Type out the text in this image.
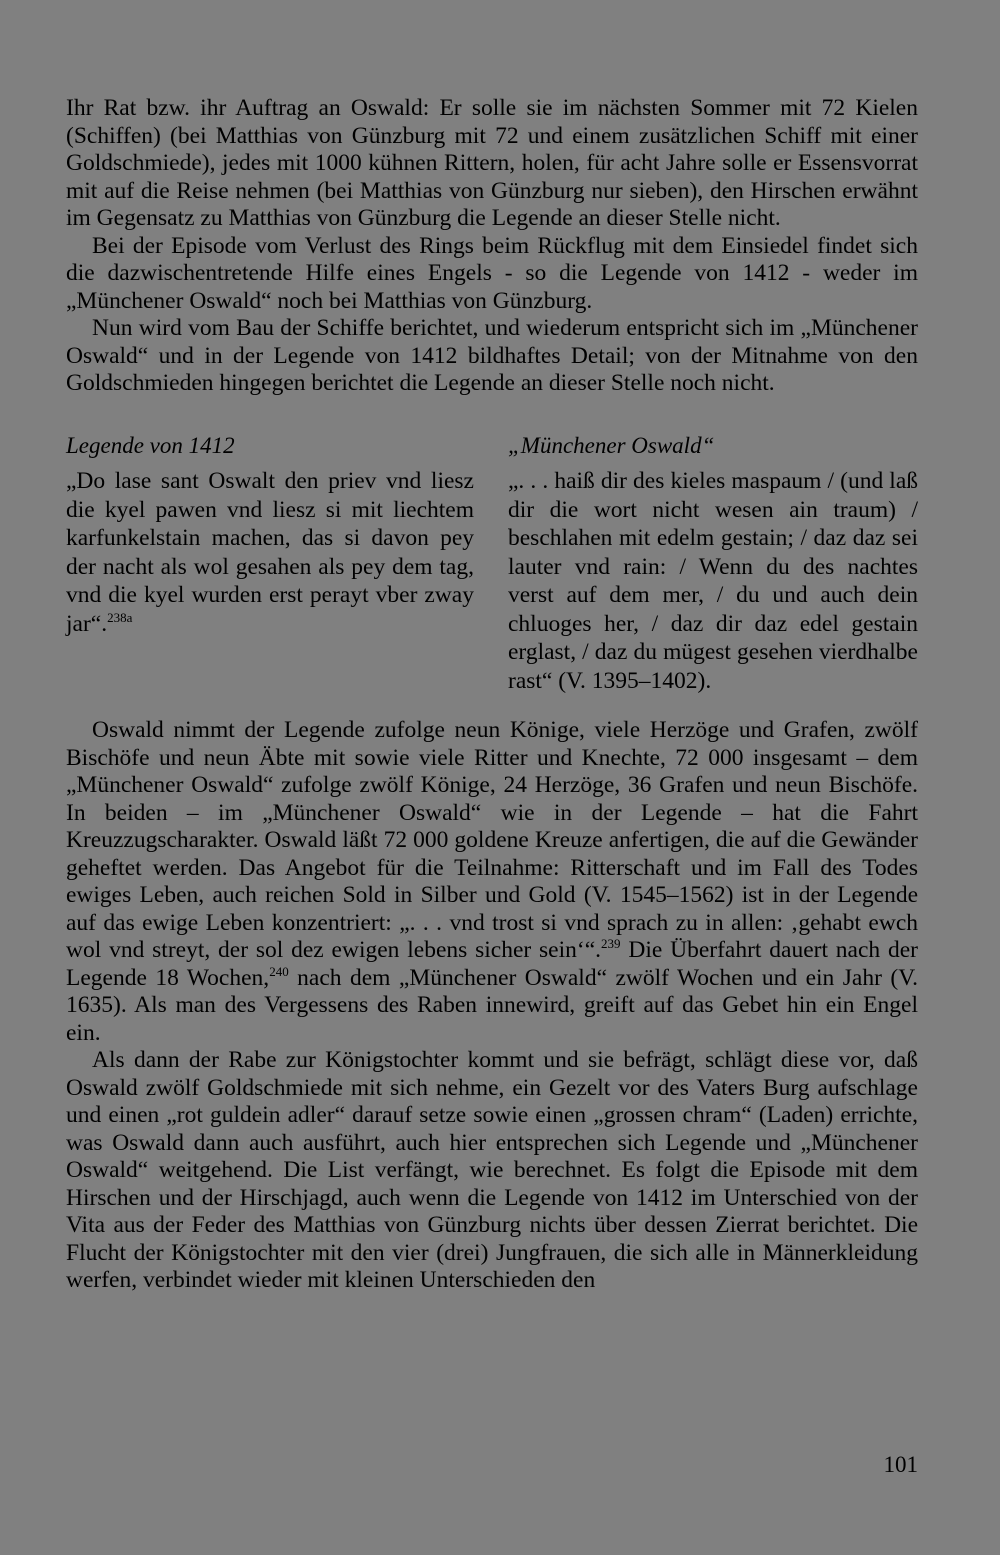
Ihr Rat bzw. ihr Auftrag an Oswald: Er solle sie im nächsten Sommer mit 72 Kielen (Schiffen) (bei Matthias von Günzburg mit 72 und einem zusätzlichen Schiff mit einer Goldschmiede), jedes mit 1000 kühnen Rittern, holen, für acht Jahre solle er Essensvorrat mit auf die Reise nehmen (bei Matthias von Günzburg nur sieben), den Hirschen erwähnt im Gegensatz zu Matthias von Günzburg die Legende an dieser Stelle nicht.

Bei der Episode vom Verlust des Rings beim Rückflug mit dem Einsiedel findet sich die dazwischentretende Hilfe eines Engels - so die Legende von 1412 - weder im „Münchener Oswald“ noch bei Matthias von Günzburg.

Nun wird vom Bau der Schiffe berichtet, und wiederum entspricht sich im „Münchener Oswald“ und in der Legende von 1412 bildhaftes Detail; von der Mitnahme von den Goldschmieden hingegen berichtet die Legende an dieser Stelle noch nicht.

Legende von 1412

„Do lase sant Oswalt den priev vnd liesz die kyel pawen vnd liesz si mit liechtem karfunkelstain machen, das si davon pey der nacht als wol gesahen als pey dem tag, vnd die kyel wurden erst perayt vber zway jar“.$^{238a}$

„Münchener Oswald“

„. . . haiß dir des kieles maspaum / (und laß dir die wort nicht wesen ain traum) / beschlahen mit edelm gestain; / daz daz sei lauter vnd rain: / Wenn du des nachtes verst auf dem mer, / du und auch dein chluoges her, / daz dir daz edel gestain erglast, / daz du mügest gesehen vierdhalbe rast“ (V. 1395–1402).

Oswald nimmt der Legende zufolge neun Könige, viele Herzöge und Grafen, zwölf Bischöfe und neun Äbte mit sowie viele Ritter und Knechte, 72 000 insgesamt – dem „Münchener Oswald“ zufolge zwölf Könige, 24 Herzöge, 36 Grafen und neun Bischöfe. In beiden – im „Münchener Oswald“ wie in der Legende – hat die Fahrt Kreuzzugscharakter. Oswald läßt 72 000 goldene Kreuze anfertigen, die auf die Gewänder geheftet werden. Das Angebot für die Teilnahme: Ritterschaft und im Fall des Todes ewiges Leben, auch reichen Sold in Silber und Gold (V. 1545–1562) ist in der Legende auf das ewige Leben konzentriert: „. . . vnd trost si vnd sprach zu in allen: ‚gehabt ewch wol vnd streyt, der sol dez ewigen lebens sicher sein‘“.$^{239}$ Die Überfahrt dauert nach der Legende 18 Wochen,$^{240}$ nach dem „Münchener Oswald“ zwölf Wochen und ein Jahr (V. 1635). Als man des Vergessens des Raben innewird, greift auf das Gebet hin ein Engel ein.

Als dann der Rabe zur Königstochter kommt und sie befrägt, schlägt diese vor, daß Oswald zwölf Goldschmiede mit sich nehme, ein Gezelt vor des Vaters Burg aufschlage und einen „rot guldein adler“ darauf setze sowie einen „grossen chram“ (Laden) errichte, was Oswald dann auch ausführt, auch hier entsprechen sich Legende und „Münchener Oswald“ weitgehend. Die List verfängt, wie berechnet. Es folgt die Episode mit dem Hirschen und der Hirschjagd, auch wenn die Legende von 1412 im Unterschied von der Vita aus der Feder des Matthias von Günzburg nichts über dessen Zierrat berichtet. Die Flucht der Königstochter mit den vier (drei) Jungfrauen, die sich alle in Männerkleidung werfen, verbindet wieder mit kleinen Unterschieden den

101
